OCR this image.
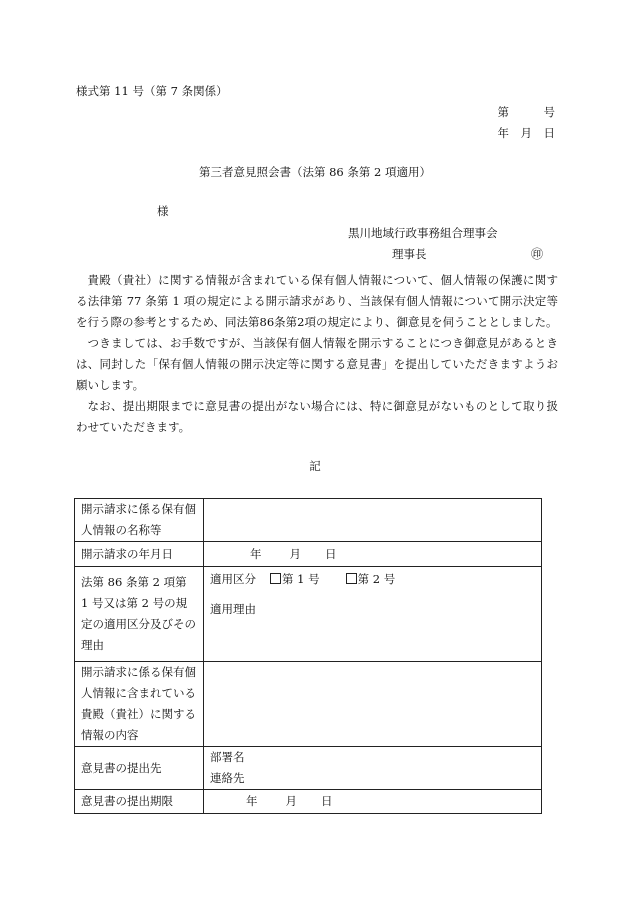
様式第 11 号（第 7 条関係）
第　　　号
年　月　日
第三者意見照会書（法第 86 条第 2 項適用）
様
黒川地域行政事務組合理事会
理事長	㊞

貴殿（貴社）に関する情報が含まれている保有個人情報について、個人情報の保護に関する法律第 77 条第 1 項の規定による開示請求があり、当該保有個人情報について開示決定等を行う際の参考とするため、同法第86条第2項の規定により、御意見を伺うこととしました。

つきましては、お手数ですが、当該保有個人情報を開示することにつき御意見があるときは、同封した「保有個人情報の開示決定等に関する意見書」を提出していただきますようお願いします。

なお、提出期限までに意見書の提出がない場合には、特に御意見がないものとして取り扱わせていただきます。

記
開示請求に係る保有個人情報の名称等	
開示請求の年月日	年 月 日
法第 86 条第 2 項第 1 号又は第 2 号の規定の適用区分及びその理由	適用区分 第 1 号 第 2 号
適用理由

開示請求に係る保有個人情報に含まれている貴殿（貴社）に関する情報の内容	
意見書の提出先	部署名
連絡先

意見書の提出期限	年 月 日
